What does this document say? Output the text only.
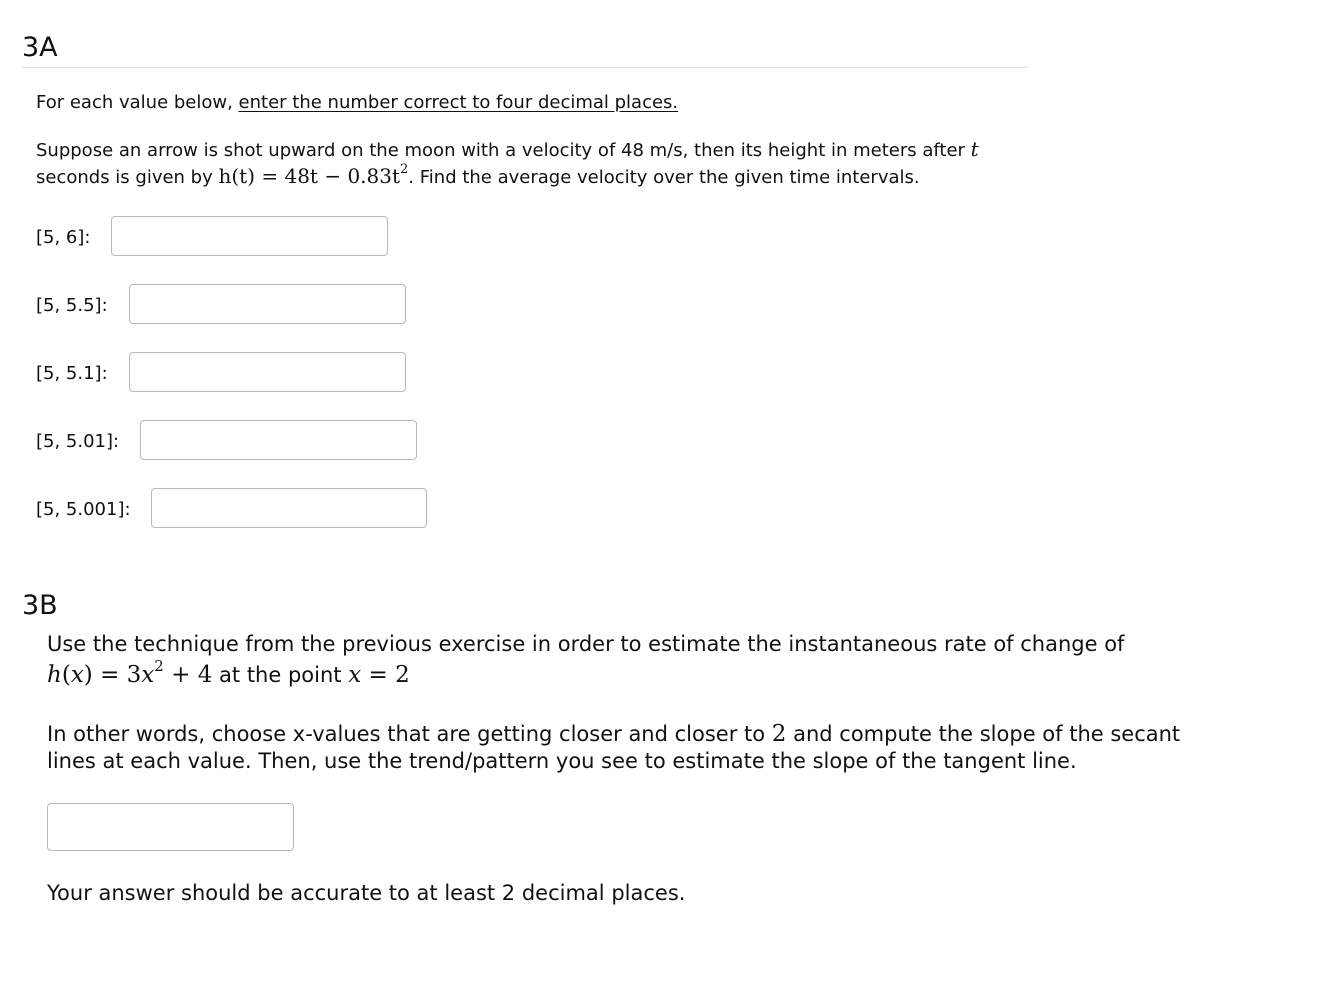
3A

For each value below, enter the number correct to four decimal places.

Suppose an arrow is shot upward on the moon with a velocity of 48 m/s, then its height in meters after t

seconds is given by $h(t) = 48t - 0.83t^2$. Find the average velocity over the given time intervals.

[5, 6]:
[5, 5.5]:
[5, 5.1]:
[5, 5.01]:
[5, 5.001]:
3B

Use the technique from the previous exercise in order to estimate the instantaneous rate of change of

$h(x) = 3x^2 + 4$ at the point x = 2

In other words, choose x-values that are getting closer and closer to 2 and compute the slope of the secant

lines at each value. Then, use the trend/pattern you see to estimate the slope of the tangent line.

Your answer should be accurate to at least 2 decimal places.
